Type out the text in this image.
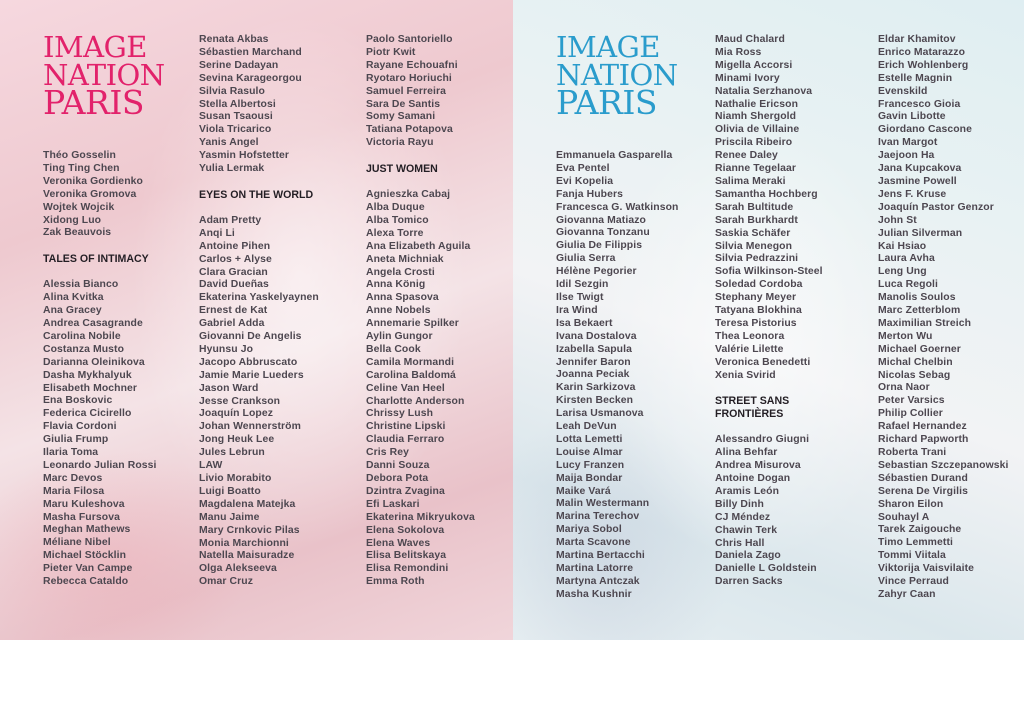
IMAGE
NATION
PARIS
Théo Gosselin
Ting Ting Chen
Veronika Gordienko
Veronika Gromova
Wojtek Wojcik
Xidong Luo
Zak Beauvois
TALES OF INTIMACY
Alessia Bianco
Alina Kvitka
Ana Gracey
Andrea Casagrande
Carolina Nobile
Costanza Musto
Darianna Oleinikova
Dasha Mykhalyuk
Elisabeth Mochner
Ena Boskovic
Federica Cicirello
Flavia Cordoni
Giulia Frump
Ilaria Toma
Leonardo Julian Rossi
Marc Devos
Maria Filosa
Maru Kuleshova
Masha Fursova
Meghan Mathews
Méliane Nibel
Michael Stöcklin
Pieter Van Campe
Rebecca Cataldo
Renata Akbas
Sébastien Marchand
Serine Dadayan
Sevina Karageorgou
Silvia Rasulo
Stella Albertosi
Susan Tsaousi
Viola Tricarico
Yanis Angel
Yasmin Hofstetter
Yulia Lermak
EYES ON THE WORLD
Adam Pretty
Anqi Li
Antoine Pihen
Carlos + Alyse
Clara Gracian
David Dueñas
Ekaterina Yaskelyaynen
Ernest de Kat
Gabriel Adda
Giovanni De Angelis
Hyunsu Jo
Jacopo Abbruscato
Jamie Marie Lueders
Jason Ward
Jesse Crankson
Joaquín Lopez
Johan Wennerström
Jong Heuk Lee
Jules Lebrun
LAW
Livio Morabito
Luigi Boatto
Magdalena Matejka
Manu Jaime
Mary Crnkovic Pilas
Monia Marchionni
Natella Maisuradze
Olga Alekseeva
Omar Cruz
Paolo Santoriello
Piotr Kwit
Rayane Echouafni
Ryotaro Horiuchi
Samuel Ferreira
Sara De Santis
Somy Samani
Tatiana Potapova
Victoria Rayu
JUST WOMEN
Agnieszka Cabaj
Alba Duque
Alba Tomico
Alexa Torre
Ana Elizabeth Aguila
Aneta Michniak
Angela Crosti
Anna König
Anna Spasova
Anne Nobels
Annemarie Spilker
Aylin Gungor
Bella Cook
Camila Mormandi
Carolina Baldomá
Celine Van Heel
Charlotte Anderson
Chrissy Lush
Christine Lipski
Claudia Ferraro
Cris Rey
Danni Souza
Debora Pota
Dzintra Zvagina
Efi Laskari
Ekaterina Mikryukova
Elena Sokolova
Elena Waves
Elisa Belitskaya
Elisa Remondini
Emma Roth
IMAGE
NATION
PARIS
Emmanuela Gasparella
Eva Pentel
Evi Kopelia
Fanja Hubers
Francesca G. Watkinson
Giovanna Matiazo
Giovanna Tonzanu
Giulia De Filippis
Giulia Serra
Hélène Pegorier
Idil Sezgin
Ilse Twigt
Ira Wind
Isa Bekaert
Ivana Dostalova
Izabella Sapula
Jennifer Baron
Joanna Peciak
Karin Sarkizova
Kirsten Becken
Larisa Usmanova
Leah DeVun
Lotta Lemetti
Louise Almar
Lucy Franzen
Maija Bondar
Maike Vará
Malin Westermann
Marina Terechov
Mariya Sobol
Marta Scavone
Martina Bertacchi
Martina Latorre
Martyna Antczak
Masha Kushnir
Maud Chalard
Mia Ross
Migella Accorsi
Minami Ivory
Natalia Serzhanova
Nathalie Ericson
Niamh Shergold
Olivia de Villaine
Priscila Ribeiro
Renee Daley
Rianne Tegelaar
Salima Meraki
Samantha Hochberg
Sarah Bultitude
Sarah Burkhardt
Saskia Schäfer
Silvia Menegon
Silvia Pedrazzini
Sofia Wilkinson-Steel
Soledad Cordoba
Stephany Meyer
Tatyana Blokhina
Teresa Pistorius
Thea Leonora
Valérie Lilette
Veronica Benedetti
Xenia Svirid
STREET SANS FRONTIÈRES
Alessandro Giugni
Alina Behfar
Andrea Misurova
Antoine Dogan
Aramis León
Billy Dinh
CJ Méndez
Chawin Terk
Chris Hall
Daniela Zago
Danielle L Goldstein
Darren Sacks
Eldar Khamitov
Enrico Matarazzo
Erich Wohlenberg
Estelle Magnin
Evenskild
Francesco Gioia
Gavin Libotte
Giordano Cascone
Ivan Margot
Jaejoon Ha
Jana Kupcakova
Jasmine Powell
Jens F. Kruse
Joaquín Pastor Genzor
John St
Julian Silverman
Kai Hsiao
Laura Avha
Leng Ung
Luca Regoli
Manolis Soulos
Marc Zetterblom
Maximilian Streich
Merton Wu
Michael Goerner
Michal Chelbin
Nicolas Sebag
Orna Naor
Peter Varsics
Philip Collier
Rafael Hernandez
Richard Papworth
Roberta Trani
Sebastian Szczepanowski
Sébastien Durand
Serena De Virgilis
Sharon Eilon
Souhayl A
Tarek Zaigouche
Timo Lemmetti
Tommi Viitala
Viktorija Vaisvilaite
Vince Perraud
Zahyr Caan
